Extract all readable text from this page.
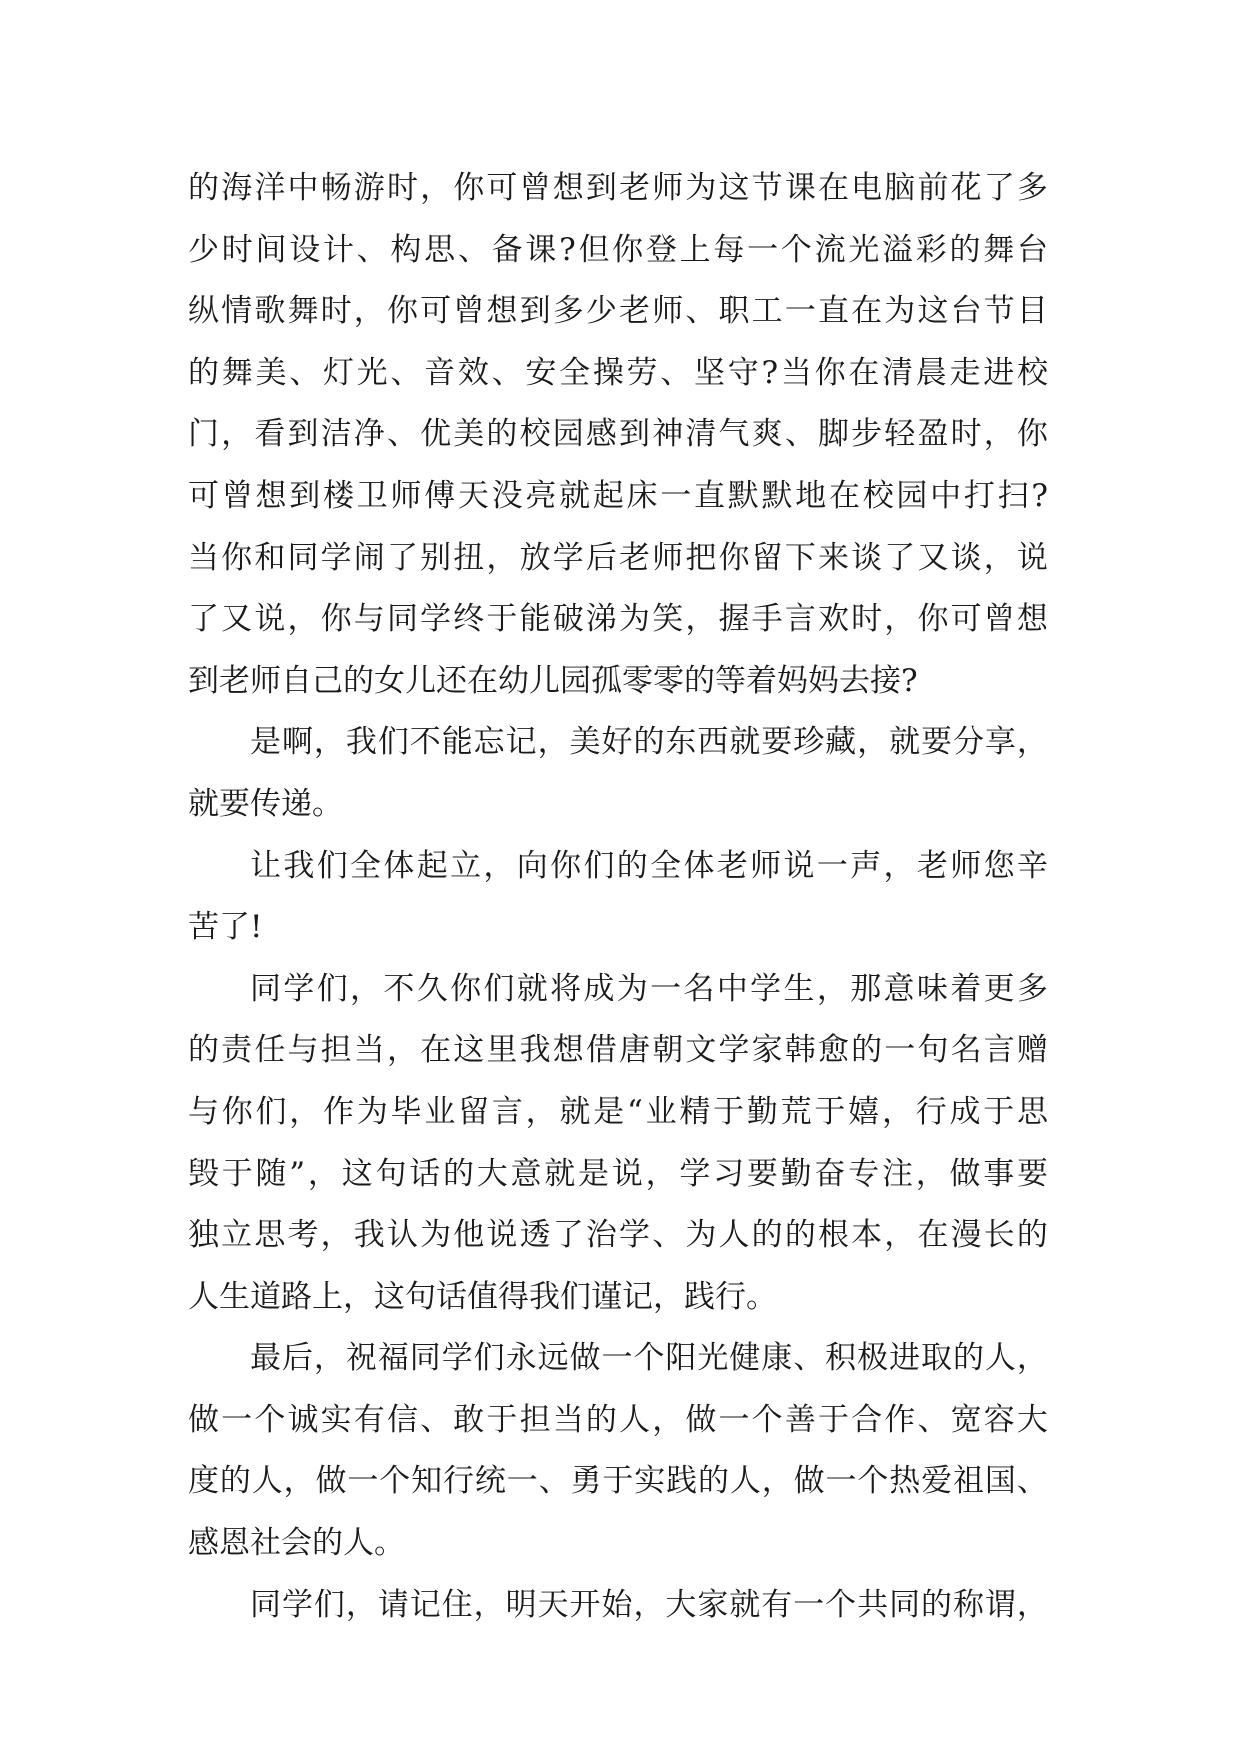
的 海 洋 中 畅 游 时 ， 你 可 曾 想 到 老 师 为 这 节 课 在 电 脑 前 花 了 多
少 时 间 设 计 、 构 思 、 备 课 ? 但 你 登 上 每 一 个 流 光 溢 彩 的 舞 台
纵 情 歌 舞 时 ， 你 可 曾 想 到 多 少 老 师 、 职 工 一 直 在 为 这 台 节 目
的 舞 美 、 灯 光 、 音 效 、 安 全 操 劳 、 坚 守 ? 当 你 在 清 晨 走 进 校
门 ， 看 到 洁 净 、 优 美 的 校 园 感 到 神 清 气 爽 、 脚 步 轻 盈 时 ， 你
可 曾 想 到 楼 卫 师 傅 天 没 亮 就 起 床 一 直 默 默 地 在 校 园 中 打 扫 ?
当 你 和 同 学 闹 了 别 扭 ， 放 学 后 老 师 把 你 留 下 来 谈 了 又 谈 ， 说
了 又 说 ， 你 与 同 学 终 于 能 破 涕 为 笑 ， 握 手 言 欢 时 ， 你 可 曾 想
到老师自己的女儿还在幼儿园孤零零的等着妈妈去接?
是 啊 ， 我 们 不 能 忘 记 ， 美 好 的 东 西 就 要 珍 藏 ， 就 要 分 享 ，
就要传递。
让 我 们 全 体 起 立 ， 向 你 们 的 全 体 老 师 说 一 声 ， 老 师 您 辛
苦了!
同 学 们 ， 不 久 你 们 就 将 成 为 一 名 中 学 生 ， 那 意 味 着 更 多
的 责 任 与 担 当 ， 在 这 里 我 想 借 唐 朝 文 学 家 韩 愈 的 一 句 名 言 赠
与 你 们 ， 作 为 毕 业 留 言 ， 就 是 “ 业 精 于 勤 荒 于 嬉 ， 行 成 于 思
毁 于 随 ” ， 这 句 话 的 大 意 就 是 说 ， 学 习 要 勤 奋 专 注 ， 做 事 要
独 立 思 考 ， 我 认 为 他 说 透 了 治 学 、 为 人 的 的 根 本 ， 在 漫 长 的
人生道路上，这句话值得我们谨记，践行。
最 后 ， 祝 福 同 学 们 永 远 做 一 个 阳 光 健 康 、 积 极 进 取 的 人 ，
做 一 个 诚 实 有 信 、 敢 于 担 当 的 人 ， 做 一 个 善 于 合 作 、 宽 容 大
度 的 人 ， 做 一 个 知 行 统 一 、 勇 于 实 践 的 人 ， 做 一 个 热 爱 祖 国 、
感恩社会的人。
同 学 们 ， 请 记 住 ， 明 天 开 始 ， 大 家 就 有 一 个 共 同 的 称 谓 ，
